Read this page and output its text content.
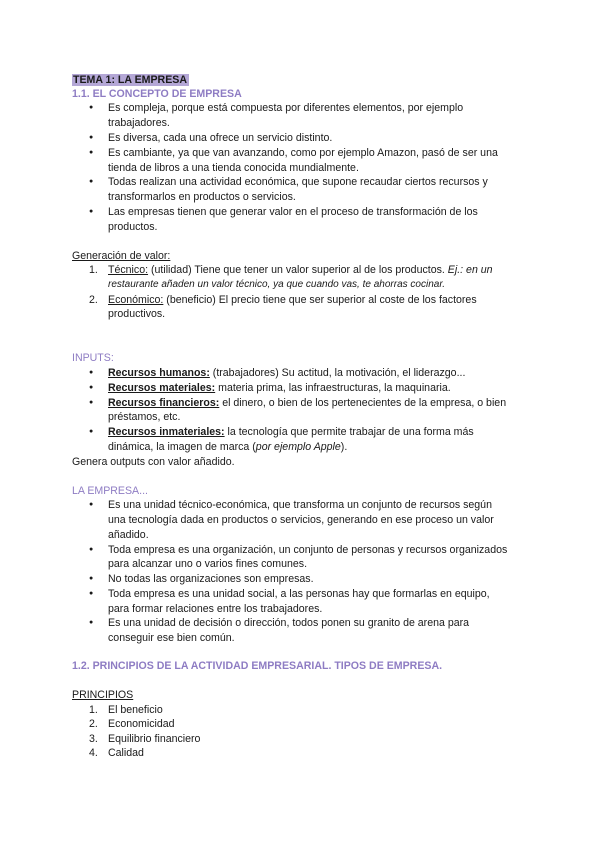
TEMA 1: LA EMPRESA
1.1. EL CONCEPTO DE EMPRESA
● Es compleja, porque está compuesta por diferentes elementos, por ejemplo
trabajadores.
● Es diversa, cada una ofrece un servicio distinto.
● Es cambiante, ya que van avanzando, como por ejemplo Amazon, pasó de ser una
tienda de libros a una tienda conocida mundialmente.
● Todas realizan una actividad económica, que supone recaudar ciertos recursos y
transformarlos en productos o servicios.
● Las empresas tienen que generar valor en el proceso de transformación de los
productos.
Generación de valor:
1. Técnico: (utilidad) Tiene que tener un valor superior al de los productos. Ej.: en un
restaurante añaden un valor técnico, ya que cuando vas, te ahorras cocinar.
2. Económico: (beneficio) El precio tiene que ser superior al coste de los factores
productivos.
INPUTS:
● Recursos humanos: (trabajadores) Su actitud, la motivación, el liderazgo...
● Recursos materiales: materia prima, las infraestructuras, la maquinaria.
● Recursos financieros: el dinero, o bien de los pertenecientes de la empresa, o bien
préstamos, etc.
● Recursos inmateriales: la tecnología que permite trabajar de una forma más
dinámica, la imagen de marca (por ejemplo Apple).
Genera outputs con valor añadido.
LA EMPRESA...
● Es una unidad técnico-económica, que transforma un conjunto de recursos según
una tecnología dada en productos o servicios, generando en ese proceso un valor
añadido.
● Toda empresa es una organización, un conjunto de personas y recursos organizados
para alcanzar uno o varios fines comunes.
● No todas las organizaciones son empresas.
● Toda empresa es una unidad social, a las personas hay que formarlas en equipo,
para formar relaciones entre los trabajadores.
● Es una unidad de decisión o dirección, todos ponen su granito de arena para
conseguir ese bien común.
1.2. PRINCIPIOS DE LA ACTIVIDAD EMPRESARIAL. TIPOS DE EMPRESA.
PRINCIPIOS
1. El beneficio
2. Economicidad
3. Equilibrio financiero
4. Calidad
